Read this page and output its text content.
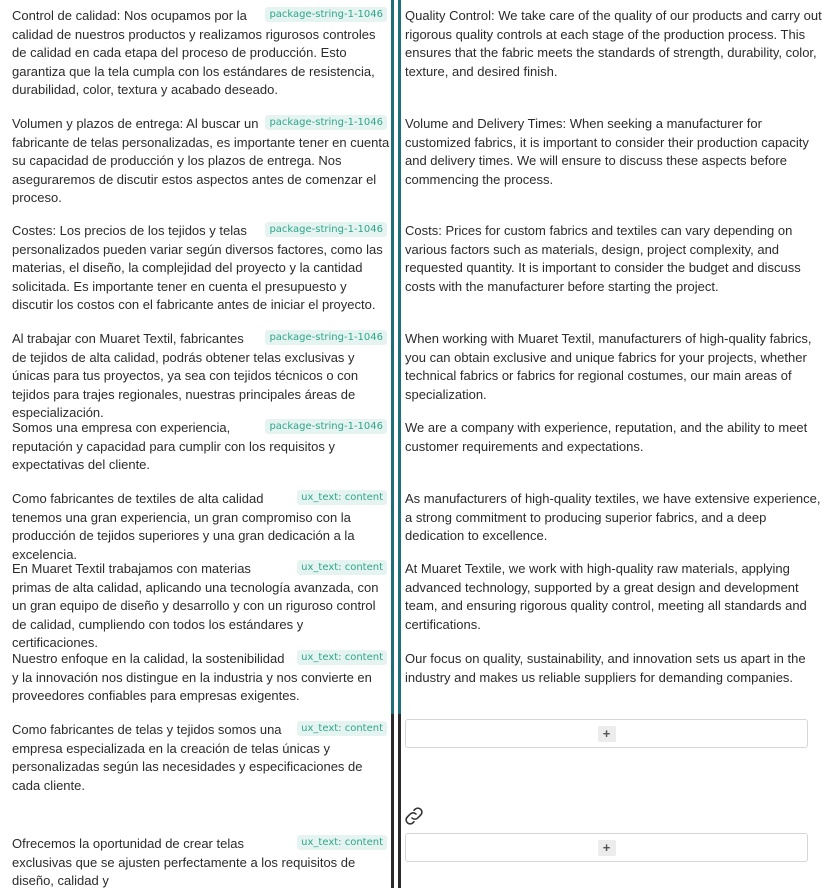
package-string-1-1046
Control de calidad: Nos ocupamos por la calidad de nuestros productos y realizamos rigurosos controles de calidad en cada etapa del proceso de producción. Esto garantiza que la tela cumpla con los estándares de resistencia, durabilidad, color, textura y acabado deseado.
Quality Control: We take care of the quality of our products and carry out rigorous quality controls at each stage of the production process. This ensures that the fabric meets the standards of strength, durability, color, texture, and desired finish.
package-string-1-1046
Volumen y plazos de entrega: Al buscar un fabricante de telas personalizadas, es importante tener en cuenta su capacidad de producción y los plazos de entrega. Nos aseguraremos de discutir estos aspectos antes de comenzar el proceso.
Volume and Delivery Times: When seeking a manufacturer for customized fabrics, it is important to consider their production capacity and delivery times. We will ensure to discuss these aspects before commencing the process.
package-string-1-1046
Costes: Los precios de los tejidos y telas personalizados pueden variar según diversos factores, como las materias, el diseño, la complejidad del proyecto y la cantidad solicitada. Es importante tener en cuenta el presupuesto y discutir los costos con el fabricante antes de iniciar el proyecto.
Costs: Prices for custom fabrics and textiles can vary depending on various factors such as materials, design, project complexity, and requested quantity. It is important to consider the budget and discuss costs with the manufacturer before starting the project.
package-string-1-1046
Al trabajar con Muaret Textil, fabricantes de tejidos de alta calidad, podrás obtener telas exclusivas y únicas para tus proyectos, ya sea con tejidos técnicos o con tejidos para trajes regionales, nuestras principales áreas de especialización.
When working with Muaret Textil, manufacturers of high-quality fabrics, you can obtain exclusive and unique fabrics for your projects, whether technical fabrics or fabrics for regional costumes, our main areas of specialization.
package-string-1-1046
Somos una empresa con experiencia, reputación y capacidad para cumplir con los requisitos y expectativas del cliente.
We are a company with experience, reputation, and the ability to meet customer requirements and expectations.
ux_text: content
Como fabricantes de textiles de alta calidad tenemos una gran experiencia, un gran compromiso con la producción de tejidos superiores y una gran dedicación a la excelencia.
As manufacturers of high-quality textiles, we have extensive experience, a strong commitment to producing superior fabrics, and a deep dedication to excellence.
ux_text: content
En Muaret Textil trabajamos con materias primas de alta calidad, aplicando una tecnología avanzada, con un gran equipo de diseño y desarrollo y con un riguroso control de calidad, cumpliendo con todos los estándares y certificaciones.
At Muaret Textile, we work with high-quality raw materials, applying advanced technology, supported by a great design and development team, and ensuring rigorous quality control, meeting all standards and certifications.
ux_text: content
Nuestro enfoque en la calidad, la sostenibilidad y la innovación nos distingue en la industria y nos convierte en proveedores confiables para empresas exigentes.
Our focus on quality, sustainability, and innovation sets us apart in the industry and makes us reliable suppliers for demanding companies.
ux_text: content
Como fabricantes de telas y tejidos somos una empresa especializada en la creación de telas únicas y personalizadas según las necesidades y especificaciones de cada cliente.
+
ux_text: content
Ofrecemos la oportunidad de crear telas exclusivas que se ajusten perfectamente a los requisitos de diseño, calidad y
+
